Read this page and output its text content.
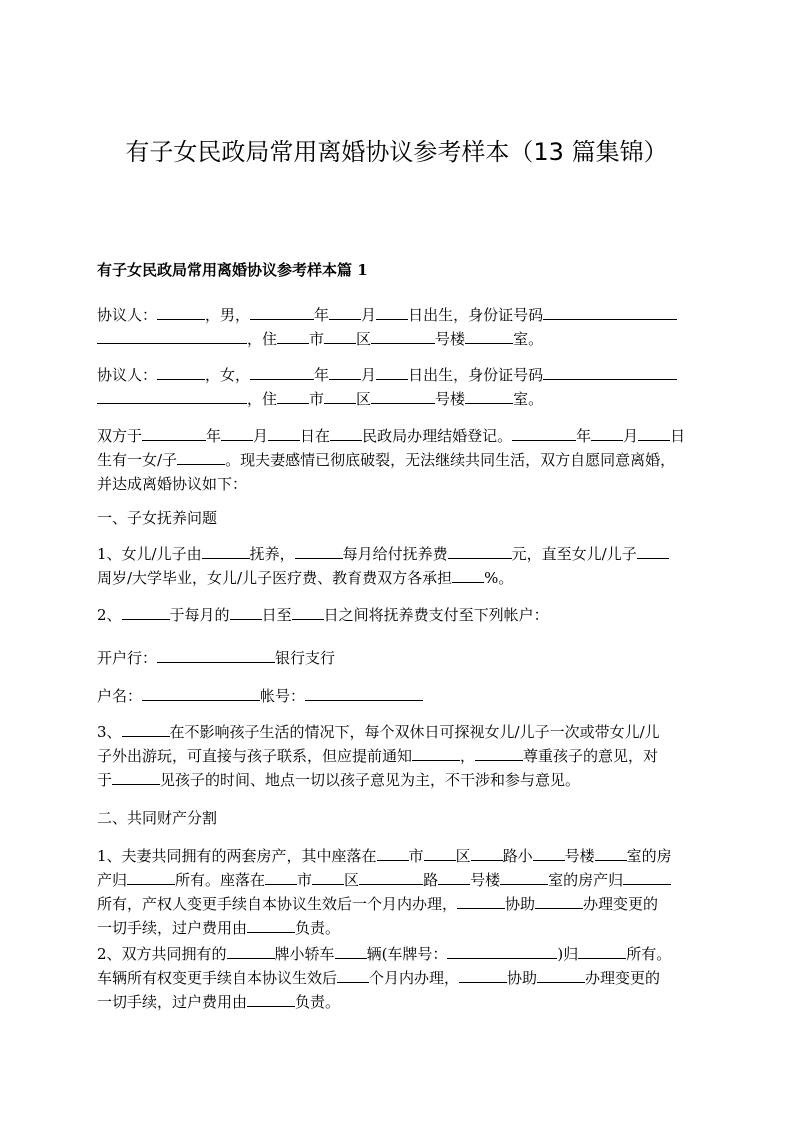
有子女民政局常用离婚协议参考样本（13 篇集锦）
有子女民政局常用离婚协议参考样本篇 1

协议人：	，男，	年 月 日出生，身份证号码
，住 市 区	号楼	室。

协议人：	，女，	年 月 日出生，身份证号码
，住 市 区	号楼	室。

双方于	年 月 日在 民政局办理结婚登记。	年 月 日
生有一女/子	。现夫妻感情已彻底破裂，无法继续共同生活，双方自愿同意离婚，
并达成离婚协议如下：

一、子女抚养问题

1、女儿/儿子由	抚养，	每月给付抚养费	元，直至女儿/儿子
周岁/大学毕业，女儿/儿子医疗费、教育费双方各承担 %。

2、	于每月的 日至 日之间将抚养费支付至下列帐户：

开户行：	银行支行

户名：	帐号：

3、	在不影响孩子生活的情况下，每个双休日可探视女儿/儿子一次或带女儿/儿
子外出游玩，可直接与孩子联系，但应提前通知	，	尊重孩子的意见，对
于	见孩子的时间、地点一切以孩子意见为主，不干涉和参与意见。

二、共同财产分割

1、夫妻共同拥有的两套房产，其中座落在 市 区 路小 号楼 室的房
产归	所有。座落在 市 区	路 号楼	室的房产归
所有，产权人变更手续自本协议生效后一个月内办理，	协助	办理变更的
一切手续，过户费用由	负责。

2、双方共同拥有的	牌小轿车 辆(车牌号：	)归	所有。
车辆所有权变更手续自本协议生效后 个月内办理，	协助	办理变更的
一切手续，过户费用由	负责。
